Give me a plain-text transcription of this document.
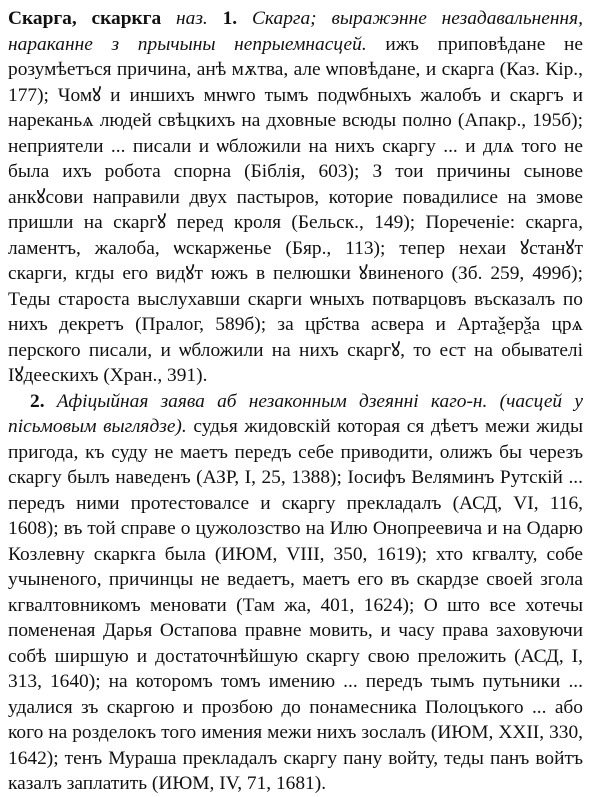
Скарга, скаркга наз. 1. Скарга; выражэнне незадавальнення, нараканне з прычыны непрыемнасцей. ижъ приповѣдане не розумѣетъся причина, анѣ мѫтва, але ѡповѣдане, и скарга (Каз. Кір., 177); Чомꙋ и иншихъ мнѡго тымъ подѡбныхъ жалобъ и скаргъ и нареканьѧ людей свѣцкихъ на дховные всюды полно (Апакр., 195б); неприятели ... писали и ѡбложили на нихъ скаргу ... и длѧ того не была ихъ робота спорна (Біблія, 603); З тои причины сынове анкꙋсови направили двух пастыров, которие повадилисе на змове пришли на скаргꙋ перед кроля (Бельск., 149); Пореченіе: скарга, ламентъ, жалоба, ѡскарженье (Бяр., 113); тепер нехаи ꙋстанꙋт скарги, кгды его видꙋт южъ в пелюшки ꙋвиненого (Зб. 259, 499б); Теды староста выслухавши скарги ѡныхъ потварцовъ въсказалъ по нихъ декретъ (Пралог, 589б); за цр҃ства асвера и Артаѯерѯа црѧ перского писали, и ѡбложили на нихъ скаргꙋ, то ест на обывателі Іꙋдеескихъ (Хран., 391).

2. Афіцыйная заява аб незаконным дзеянні каго-н. (часцей у пісьмовым выглядзе). судья жидовскій которая ся дѣетъ межи жиды пригода, къ суду не маетъ передъ себе приводити, олижъ бы черезъ скаргу былъ наведенъ (АЗР, I, 25, 1388); Іосифъ Веляминъ Рутскій ... передъ ними протестовалсе и скаргу прекладалъ (АСД, VI, 116, 1608); въ той справе о цужолозство на Илю Онопреевича и на Одарю Козлевну скаркга была (ИЮМ, VIII, 350, 1619); хто кгвалту, собе учыненого, причинцы не ведаетъ, маетъ его въ скардзе своей згола кгвалтовникомъ меновати (Там жа, 401, 1624); О што все хотечы помененая Дарья Остапова правне мовить, и часу права заховуючи собѣ ширшую и достаточнѣйшую скаргу свою преложить (АСД, I, 313, 1640); на которомъ томъ имению ... передъ тымъ путьники ... удалися зъ скаргою и прозбою до понамесника Полоцъкого ... або кого на розделокъ того имения межи нихъ зослалъ (ИЮМ, XXII, 330, 1642); тенъ Мураша прекладалъ скаргу пану войту, теды панъ войтъ казалъ заплатить (ИЮМ, IV, 71, 1681).
